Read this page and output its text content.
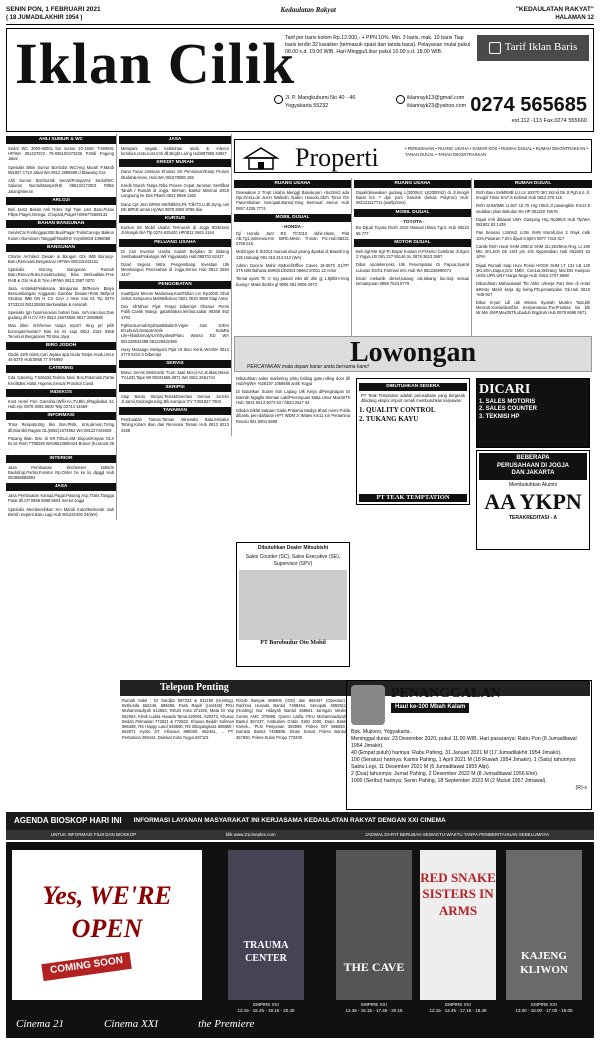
SENIN PON, 1 FEBRUARI 2021	Kedaulatan Rakyat	"KEDAULATAN RAKYAT"
( 18 JUMADILAKHIR 1954 )	HALAMAN 12
Iklan Cilik
Tarif per baris kolom Rp.12.000,- + PPN 10%. Min. 3 baris, mak. 10 baris Tiap baris terdiri 32 karakter (termasuk spasi dan tanda baca). Pelayanan mulai pukul 08.00 s.d. 19.00 WIB. Hari Minggu/Libur pukul 10.00 s.d. 18.00 WIB.	Tarif Iklan Baris
Jl. P. Mangkubumi No 40 - 46
Yogyakarta 55232
iklanrayk13@gmail.com
iklanrayk23@yahoo.com 0274 565685
ext.112 -113 Fax.0274 555660
AHLI SUMUR & WC
Sedot WC 3000-6000L bor sumur 20-150m T.580591 HP/WA 081227572 79-085100473205 P.Wdi Pogung Jakal
Spesialis Bikin Sumur Bor/Sdot WC/Ang Murah P.Mardi 081827 1723 Jakal WA 0812 2898699 d Blawong Gra
Ahli Sumur Bor/Suntik Servis/Pompa/Air Sedot/WC Saluran Buntu/Mampet/Hb 085102173001 Pt/Bn Jalang/Weran
ARLOJI
Beli Jam2 Bekas Asli Rolex Sgl Tipe Lms Baru,Pulau Pilipe,Piaget,Omega, Chopard,Piaget H085776668133
BAHAN BANGUNAN
ServisCal Fordingpas350 Bua/Pagar TrolisCanopy Baikon Kusen Aluminium Tanggal/Tatuk/Hz Yoyok0819 1085088
BANGUNAN
Chams Architect Desain & Bangun Gbr IMB Borong+ Baru,Renovasi,Bergaransi HP/WA 082115243151
Spesialis Borong Bangunan Rumah Baru,Renov,Ruko,Kos&Gudang Bisa Berkualitas.Free RAB & Gbr Hub B Tine,HP/WA 0813 2587 0070
Jasa Arsitek&Pelaksana Bangunan Bt/Renov Biaya Bersumbangan Anggaran Gambar Desain+RAB BB/prot Struktur IMB DN H CV GAA J Vete nan 61 Tip 0274 3733234 081125553 Berkwalitas & Amanah
Spesialis tgn bon/renovasi bahan bias, mrh,ruko,kos,Dan gudang dll H.CV ATA 0812 15676825 0817 2093988
Mau bikin rmh/renov tanpa repot? Sing pri pilih borongan/Harian? Biar ka mi saja 0812 2154 0358 Terumuri Bergaransi TB Bsa Jaya
BIRO JODOH
Gadis 42th Islam,Cari Jejaka apa Duda Tanpa Anak,Umur 45-52Th Hub:0858 77 976969
CATERING
Cita Catering T.549434,Terima Nasi Box,Prasmian,Partai Kecil&Bsr.Halal, Higenis,Sesuai Protokol Covid
INDEKOS
Kost Hotel Puri Garesha.(Wifi+Ac,TV,Bln,J/Ragikabul 51 Hub.Hp: 0878 3093 6600 Telp.02744 14669
INFORMASI
Trma Renpatn,Brg bks Bsn,Plstk, Krts,almnm,Tmbg dll,Diambil,Ragam DL(0851)1574962 WA:081227443829
Pasang Iklan Disc di KR,Tribun,SM Slopos/Kmpas OLX bs ke Rmh T788290 WA08510590424 Bravo! (Kcran15 06 .
INTERIOR
Jasa Pembuatan Kitchenset 1655/m Backdrop,Partisi,Furnitur Rp.Order bs ke lis dipggl Hub 083868888804
JASA
Jasa Pembuatan Kanopi,Pagar,Pasang Acp,Tralis,Tangga Putar dll,CP 0858 6988 8604 Inreior Jogja
Spesialis Membersihkan Km Mandi Kutor/Berkerak Jadi Bersih Seperti Baru Lagi Hub 081232409 34(WA)
JASA
Melayani segala kebituhan anda & interior furniture,resto,kost,rmh dll,Bright Living Hub087860 34827
KREDIT MURAH
Dana Tunai Jaminan Khusus SK Pensiunan/Karip Proses Mudah&Aman, Hub.WA 081578088 159
Kredit Murah Tanpa Riba Proses Cepat Jaminan Sertifikat Tanah / Rumah di Jogja, Sleman, Bantul Minimal 100Jt Langsung ke Das Pkanti 0822 9569 1165
Dana Cpt Jmn BPKB Mtr/Mbl/04,Pk Tdk/T3.U.3b,Syng cari DK BPKB aman Hp/WA 0878 3860 9788 Ikia
KURSUS
Kursus Str Mobil Usaha Termurah di Jogja 80rb/Jam Jl.Monjali BIA Tlp.0274-625420 HP0812 2663 4164
PELUANG USAHA
Di Cari Investor Usaha Sudah Berjalan Di Bidang Sembako&Psikologis Wil Yogyakarta Hub:085702 62427
Dicari Segera Mitra Pengembang Investasi Utk Membangun Perumahan di Jogja,Serius Hub 0812 2584 4447
PENGOBATAN
KuatDjam Mrsum Madurasa,KuatTahan Lm Rp100rb Obat Sehat Sempurna MelMelkoloro 0821 3619 3689 Siap Antar
Dex 2bTahun Pijat Terapi Dibemipt Obesus Penin Putih,Cantik Wangi, gatalshakan,lembut,sabar 08368 662 1793
PghlamLemahSyahwatBkalnrti-Vigier Jam 10Drs B'Lebus/LGetwutArmfe SolaRa Lile+khatilSmaly/LmhSyahwitPlaru Wasso ED WA 081226632488 081226632488
Husy Massage Melayani Pijat Ut Ibun Kerik WA/WA 0812 2770 6210 6 Dibemipt
SERVIS
Bravo Servis Elektronik TLen Ja&l Mcrol.AC,Kulkas,Mesin TV,LED,Tape Wt 08191555 6971 WA 0811 2651744
SKRIPSI
Siap Bantu Skripsi,Tesis&Disertasi Semua Jur.Eks Jl.Jamil,Gedongkuning Blk Kampus ITY T.081827 7903
TANAMAN
Pembuatan Taman,Taman Minimalis Batu,Miniatur Tebing,Kolam Ikan dan Renovasi Taman Hub 0813 9213 4188
Properti	• PERUMAHAN • RUANG USAHA • KAMAR KOS • RUMAH DIJUAL • RUMAH DIKONTRAKKAN • TANAH DIJUAL • TANAH DIKONTRAKKAN
RUANG USAHA
Disewakan 2 Tmpt Usaha Menggl Banukuran +5x15m2 ada Dpr,Kmd,Lok JLKH Wahidin Sudiro Husodo,Sbrh Timur RS Panembahan Senopati,Bantul,Yang Bermuaf Serius Hub 0857 4335 7774
MOBIL DIJUAL
- HONDA -
Djl Honda Jazz RS Th'2010 Akhir,Hitam, Plat AB,Tg1,Istimewa,Km 60Rb,Mesin Tnman Pic.Hub:08221 5758 516
Mobil type E th2014 manual abu2 jarang dipakai di Bawah Ing 125 Hubungi 081 015 313 512 (WA)
Admin Docere Mahir MsExel/Office Caves 18-35Th S1/TP 3Th Dikt Bahasa,SMK/D1/D2/D3 08564 20011 12 Arlon
Temat ayam Tlr cr Ing pasutri inks tdr dlm gj 1.5jt/bln+mng buang+ Maks tkrdilm gl 9006 081 8006 2973
RUANG USAHA
Dijual/disewakan gudang L(3000m2 Lt(2000m2) di Jl.Imogiri Barat km 7 dpn pom Gandok (bekas Polytron) Hub: 082121117711 (wa/tlp/sms)
MOBIL DIJUAL
- TOYOTA -
Bu Dijual Toyota Rush 2018 Manual Hitam Tgn1 Hub 08223 55 777
MOTOR DIJUAL
Beli Sgl-Mtr-Sgl-Th Bayar Kontan H.P/Xenio Celebran Jl.Sgs4 2 Yogya Utr 081 227 55146 XL 0878 3623 3957
Dibut ApotekersAks Utk Penempatan Di Papua,Syarat Lulusan D3/S1 Farmasi Info Hub WA 082226990074
Dicari mekanik diesel,tukang cat,tukang las,Gaji sesuai kemampuan 0858 7623 8779
RUMAH DIJUAL
Rmh Baru SHM/IMB LU.L5 100/70 3Kt 2Kmd,Dk Jl.Pgh,6,5 Jl. Imogiri Timur Km7.5 Kelimat Hub 0812 276 115
Rmh SHM/IMB Lt.367 Lb.79 Hrg.765Jt,Jl panangkilo Km13,5 sedakan plian Bakulan 8H HP 081250 76576
Dijual rmh dibawal UMY Gamping Hrg Rp390Jt Hub Tlp/WA 081802 83 1439
Pav Seturan L190m2 Lr3m SHM Murah,dan 2 Rayk mdk 10m,Pasaran 7,0/m dijual 5,5jt/m 0877 7418 817
Cantik Rmh Hook SHM 200m2 SHM 2Lt,5Kt/5Km,Rng, Lt 190 Mts 2Kt,Jmh Dk 16/3 pm 4/m Bypassdian Hub 081803 63 1/Pm
Dijual Rumah Siap Huni Posisi HOOK SHM LT 131 LB 120 3Kt,2Km,Dapur,Grsi 1Mbl, Con1at,Sebrang Mal,Dkt Kampus UGM,UPN,UNY Harga Nego Hub: 0812 2707 5888
Dibutuhkan Mahasiswa/i Tkt Akhir u/Kerja Part time di Hotel &Resto Mahir kerja dg komp,PD,penampilan Ok,Hub 0819 -948-927
Dibut Kryan Ldl utk Wisma Syariah Muslim Taat,blk Mencok,Komunikatif,bs Kenyamanan,Trw,Prioritas lsu blk tdr,Min SMP,Max25Th,ubuduh Brgplum Hub 0878 8696 9571
Lowongan
PERCAYAKAN mata depan karier anda bersama kami!
Dibutuhkan sales marketing pintu folding gate,rolling door dll Hub/Hj/WA +628197 1058688 antik Yogya
Di Butuhkan Suami Istri Lajang Utk Kerja diPenginapan Di Daerah Ngaglik Sleman Laki/Perempuan Mata Umur Max40Th Hub: 0821 6813 9073 63 / 0823 2547 64
Dibuka Diklat Satpam Gada Pratama Madya Bhari resmi Polda dibantu pen-daftaran HPT WDM JI Wates km11 lori Pertamina Revolu 081 5904 6699
DIBUTUHKAN SEGERA
PT Teak Templation adalah perusahaan yang bergerak dibidang ekspor import rumah membutuhkan karyawan:
1. QUALITY CONTROL
2. TUKANG KAYU
PT TEAK TEMPTATION
DICARI
1. SALES MOTORIS
2. SALES COUNTER
3. TEKNISI HP
BEBERAPA
PERUSAHAAN DI JOGJA
DAN JAKARTA
Membutuhkan Alumni
AA YKPN
TERAKREDITASI - A
Dibutuhkan Dealer Mitsubishi
Sales Counter (SC), Sales Executive (SE), Supervisor (SPV)
PT Borobudur Oto Mobil
Telepon Penting
Rumah Sakit : Dr Sardjito 587333 & 631190 (Hunting), Bethesda 562246, 586688, Panti Rapih (Unit446) PKU Muhammadiyah 512653, RSUD Kota 371195, Mata Dr Yap 562054, Klinik Ludira Husada Tama 620091, 620373, Khusus Bedah Pelmasari 772821 & 772822, Khusus Bedah Soliman 586488, RS Happy Land 548590, RS Bhayangkara 885860 / 662871 Hydro ST. Alfonsus 886060, 562461, ... PT. Pertamina 369444, Damkar Kota Yogya 587101
RSUD Banyak 869006 (IGD) dan 868437 (Operator), Rachma Husada Bantul 7488464, Senopati 3650811 (Hunting) Nur Hidayah Bantul 368661 Jaringan Medis Center AMC 376898, Queen Latifa, PKU Muhammadiyah Bantul 367437, Ambulans Gratis 3150 1000, Depo Batik Kretek... PLN Penjuman 393999, Polres DIY 886050, Damkar Bantul 7488888, Dinas Sosial, Polres Bantul 367900, Polres Kulon Progo 773200
PENANGGALAN
Haul ke-100 Mbah Kalam
Bpk. Mujiono, Yogyakarta.
Meninggal dunia: 23 Desember 2020, pukul 11.00 WIB. Hari pasaranya: Rabu Pon (8 Jumadilawal 1954 Jimakir).
40 (Empat puluh) harinya: Rabu Pahing, 31 Januari 2021 M (17 Jumadilakhir 1954 Jimakir).
100 (Seratus) harinya: Kamis Pahing, 1 April 2021 M (18 Ruwah 1954 Jimakir), 1 (Satu) tahunnya: Sabtu Legi, 11 Desember 2021 M (6 Jumadilawal 1955 Alip).
2 (Dua) tahunnya: Jumat Pahing, 2 Desember 2022 M (8 Jumadilawal 1956 Ehe).
1000 (Seribu) harinya: Senin Pahing, 18 September 2023 M (2 Mulud 1957 Jimawal).
(R)-x
AGENDA BIOSKOP HARI INI INFORMASI LAYANAN MASYARAKAT INI KERJASAMA KEDAULATAN RAKYAT DENGAN XXI CINEMA
UNTUK INFORMASI FILM DAN BIOSKOP	klik www.21cineplex.com	JADWAL DAPAT BERUBAH SEWAKTU-WAKTU TANPA PEMBERITAHUAN SEBELUMNYA
Yes, WE'RE OPEN
COMING SOON
TRAUMA CENTER
EMPIRE XXI
13.15 - 15.45 - 18.15 - 20.45
THE CAVE
EMPIRE XXI
12.45 - 15.15 - 17.45 - 20.15
RED SNAKE SISTERS IN ARMS
EMPIRE XXI
12.15 - 14.45 - 17.15 - 19.45
KAJENG KLIWON
EMPIRE XXI
13.00 - 15.00 - 17.00 - 19.00
Cinema 21	Cinema XXI	the Premiere
